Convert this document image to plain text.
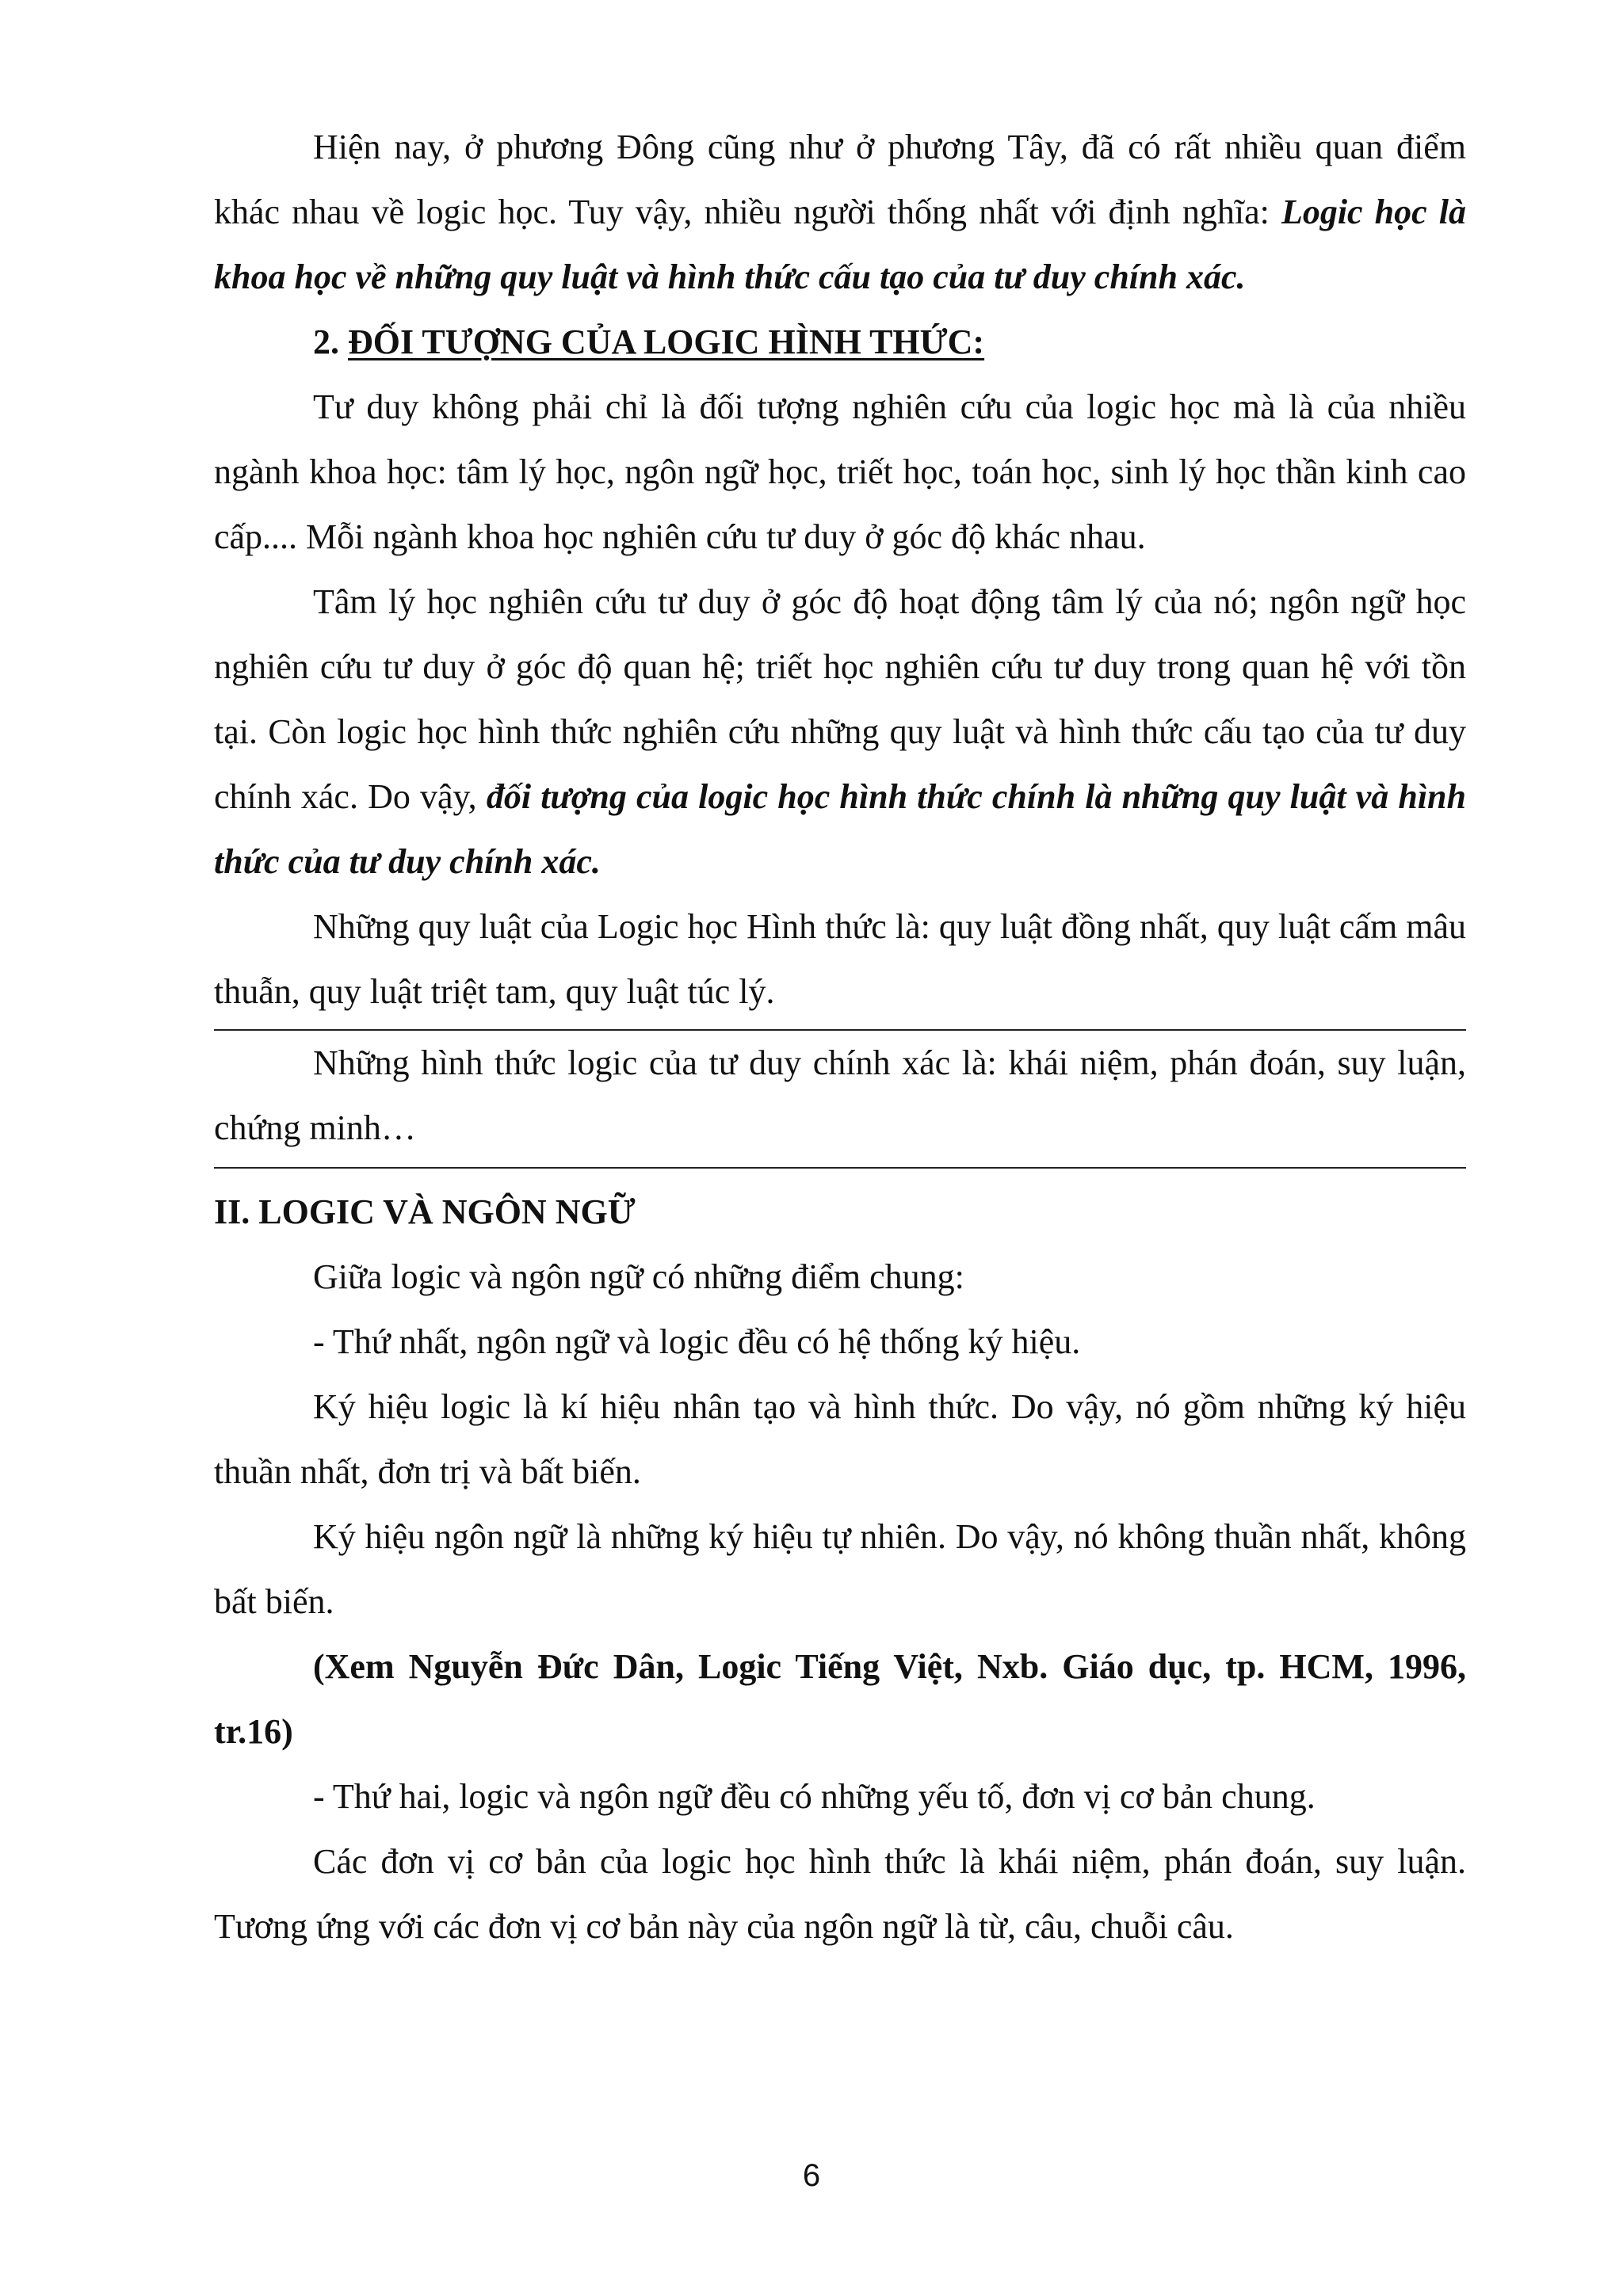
Hiện nay, ở phương Đông cũng như ở phương Tây, đã có rất nhiều quan điểm khác nhau về logic học. Tuy vậy, nhiều người thống nhất với định nghĩa: Logic học là khoa học về những quy luật và hình thức cấu tạo của tư duy chính xác.

2. ĐỐI TƯỢNG CỦA LOGIC HÌNH THỨC:

Tư duy không phải chỉ là đối tượng nghiên cứu của logic học mà là của nhiều ngành khoa học: tâm lý học, ngôn ngữ học, triết học, toán học, sinh lý học thần kinh cao cấp.... Mỗi ngành khoa học nghiên cứu tư duy ở góc độ khác nhau.

Tâm lý học nghiên cứu tư duy ở góc độ hoạt động tâm lý của nó; ngôn ngữ học nghiên cứu tư duy ở góc độ quan hệ; triết học nghiên cứu tư duy trong quan hệ với tồn tại. Còn logic học hình thức nghiên cứu những quy luật và hình thức cấu tạo của tư duy chính xác. Do vậy, đối tượng của logic học hình thức chính là những quy luật và hình thức của tư duy chính xác.

Những quy luật của Logic học Hình thức là: quy luật đồng nhất, quy luật cấm mâu thuẫn, quy luật triệt tam, quy luật túc lý.

Những hình thức logic của tư duy chính xác là: khái niệm, phán đoán, suy luận, chứng minh…

II. LOGIC VÀ NGÔN NGỮ

Giữa logic và ngôn ngữ có những điểm chung:

- Thứ nhất, ngôn ngữ và logic đều có hệ thống ký hiệu.

Ký hiệu logic là kí hiệu nhân tạo và hình thức. Do vậy, nó gồm những ký hiệu thuần nhất, đơn trị và bất biến.

Ký hiệu ngôn ngữ là những ký hiệu tự nhiên. Do vậy, nó không thuần nhất, không bất biến.

(Xem Nguyễn Đức Dân, Logic Tiếng Việt, Nxb. Giáo dục, tp. HCM, 1996, tr.16)

- Thứ hai, logic và ngôn ngữ đều có những yếu tố, đơn vị cơ bản chung.

Các đơn vị cơ bản của logic học hình thức là khái niệm, phán đoán, suy luận. Tương ứng với các đơn vị cơ bản này của ngôn ngữ là từ, câu, chuỗi câu.

6
